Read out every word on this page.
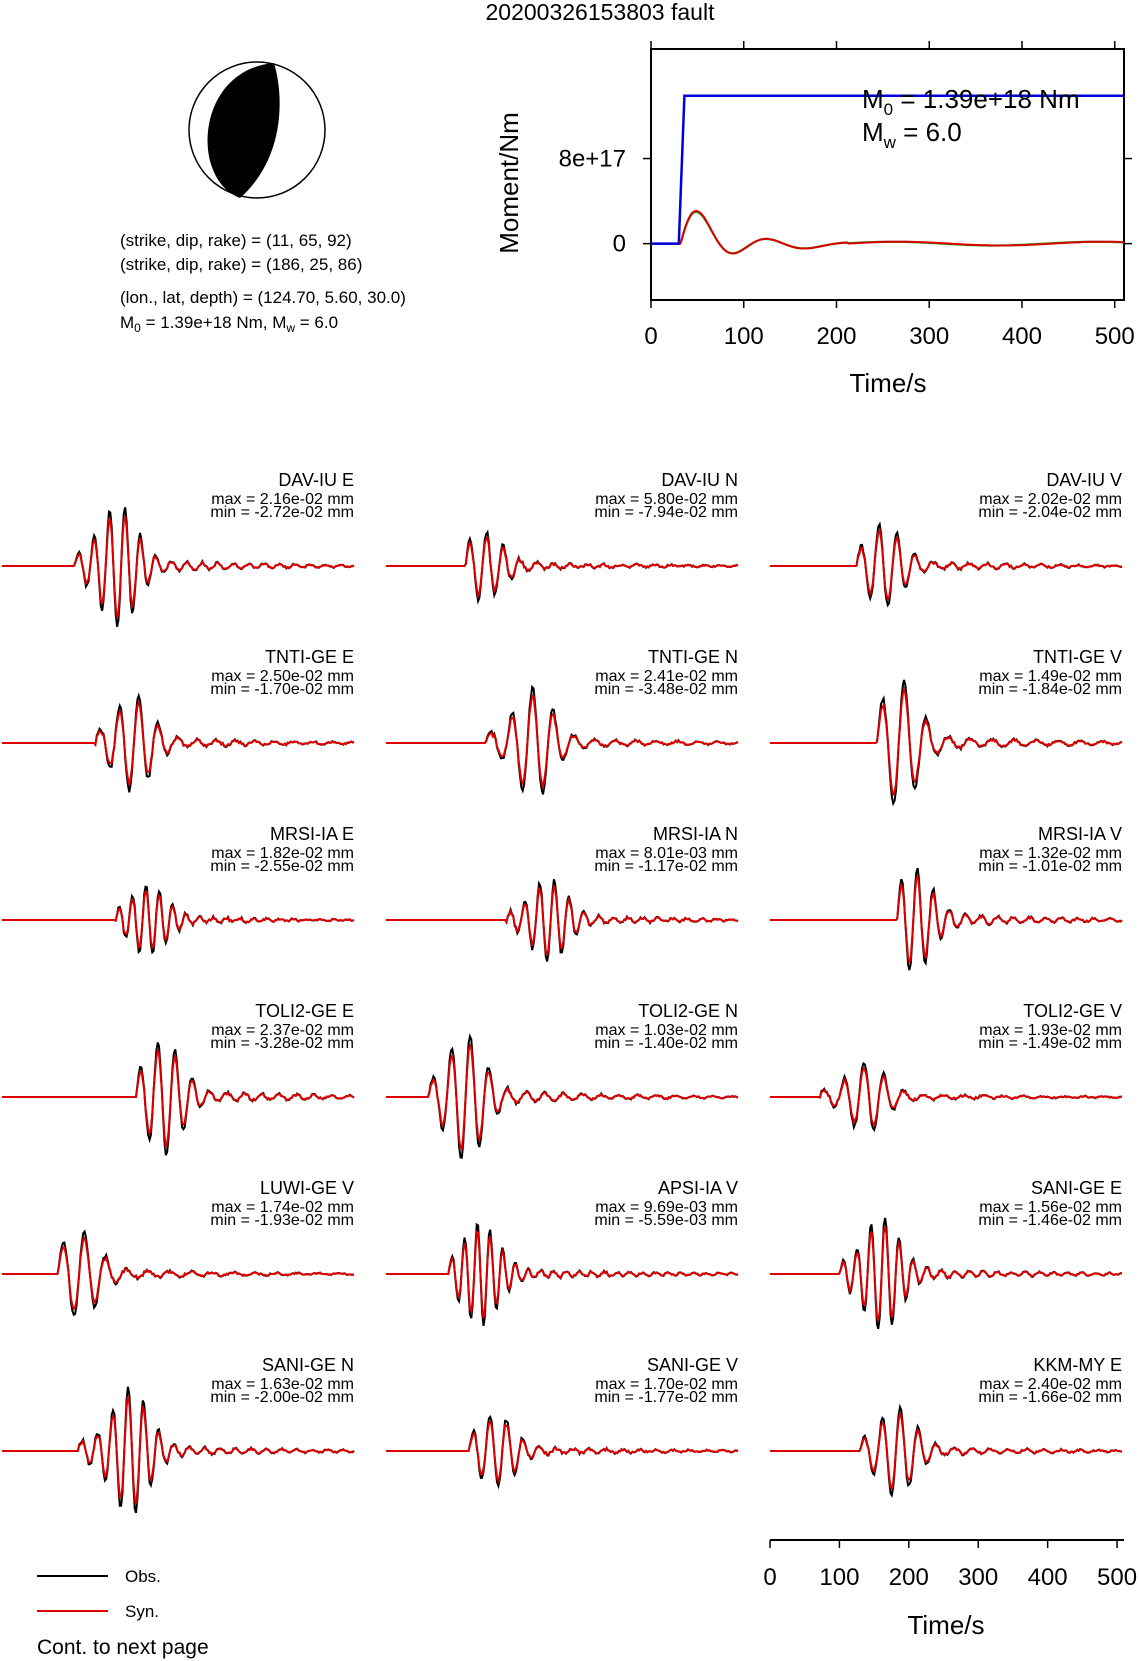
20200326153803 fault
(strike, dip, rake) = (11, 65, 92)
(strike, dip, rake) = (186, 25, 86)
(lon., lat, depth) = (124.70, 5.60, 30.0)
$M_0 = 1.39e+18$ Nm, $M_w = 6.0$
0	100 200 300 400 500
0
8e+17
Moment/Nm
Time/s
$M_0 = 1.39e+18$ Nm
$M_w = 6.0$
DAV-IU E
max = 2.16e-02 mm
min = -2.72e-02 mm
DAV-IU N
max = 5.80e-02 mm
min = -7.94e-02 mm
DAV-IU V
max = 2.02e-02 mm
min = -2.04e-02 mm
TNTI-GE E
max = 2.50e-02 mm
min = -1.70e-02 mm
TNTI-GE N
max = 2.41e-02 mm
min = -3.48e-02 mm
TNTI-GE V
max = 1.49e-02 mm
min = -1.84e-02 mm
MRSI-IA E
max = 1.82e-02 mm
min = -2.55e-02 mm
MRSI-IA N
max = 8.01e-03 mm
min = -1.17e-02 mm
MRSI-IA V
max = 1.32e-02 mm
min = -1.01e-02 mm
TOLI2-GE E
max = 2.37e-02 mm
min = -3.28e-02 mm
TOLI2-GE N
max = 1.03e-02 mm
min = -1.40e-02 mm
TOLI2-GE V
max = 1.93e-02 mm
min = -1.49e-02 mm
LUWI-GE V
max = 1.74e-02 mm
min = -1.93e-02 mm
APSI-IA V
max = 9.69e-03 mm
min = -5.59e-03 mm
SANI-GE E
max = 1.56e-02 mm
min = -1.46e-02 mm
SANI-GE N
max = 1.63e-02 mm
min = -2.00e-02 mm
SANI-GE V
max = 1.70e-02 mm
min = -1.77e-02 mm
KKM-MY E
max = 2.40e-02 mm
min = -1.66e-02 mm
Time/s
0 100 200 300 400 500
Obs.
Syn.
Cont. to next page
